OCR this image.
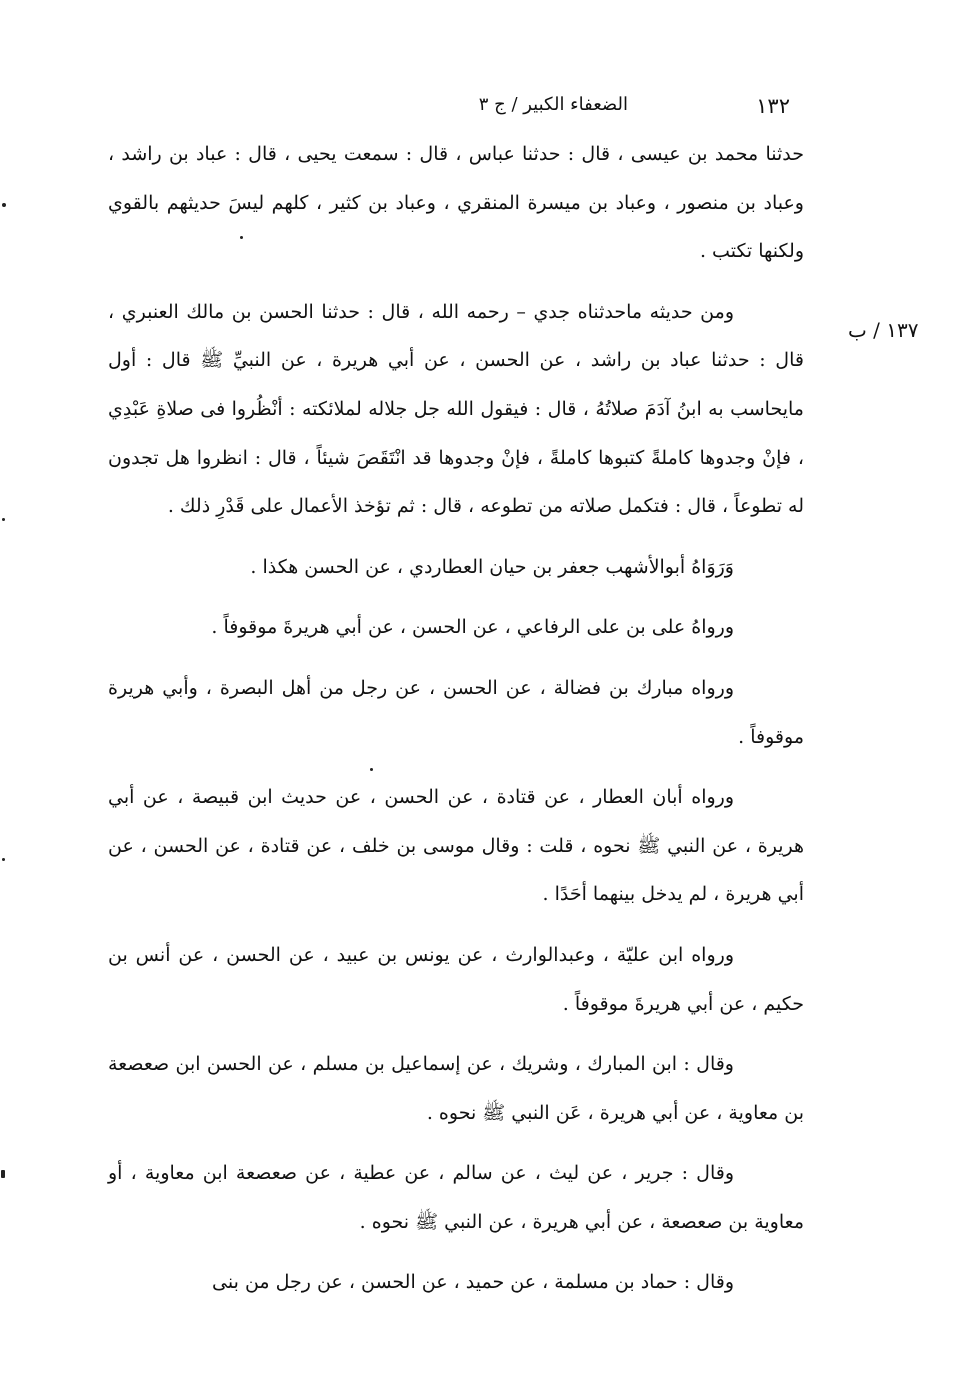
١٣٢
الضعفاء الكبير / ج ٣
١٣٧ / ب

حدثنا محمد بن عيسى ، قال : حدثنا عباس ، قال : سمعت يحيى ، قال : عباد بن راشد ، وعباد بن منصور ، وعباد بن ميسرة المنقري ، وعباد بن كثير ، كلهم ليسَ حديثهم بالقوي ولكنها تكتب .

ومن حديثه ماحدثناه جدي – رحمه الله ، قال : حدثنا الحسن بن مالك العنبري ، قال : حدثنا عباد بن راشد ، عن الحسن ، عن أبي هريرة ، عن النبيِّ ﷺ قال : أول مايحاسب به ابنُ آدَمَ صلاتُهُ ، قال : فيقول الله جل جلاله لملائكته : أنْظُروا فى صلاةِ عَبْدِي ، فإنْ وجدوها كاملةً كتبوها كاملةً ، فإنْ وجدوها قد انْتَقَصَ شيئاً ، قال : انظروا هل تجدون له تطوعاً ، قال : فتكمل صلاته من تطوعه ، قال : ثم تؤخذ الأعمال على قَدْرِ ذلك .

وَرَوَاهُ أبوالأشهب جعفر بن حيان العطاردي ، عن الحسن هكذا .

ورواهُ على بن على الرفاعي ، عن الحسن ، عن أبي هريرةَ موقوفاً .

ورواه مبارك بن فضالة ، عن الحسن ، عن رجل من أهل البصرة ، وأبي هريرة موقوفاً .

ورواه أبان العطار ، عن قتادة ، عن الحسن ، عن حديث ابن قبيصة ، عن أبي هريرة ، عن النبي ﷺ نحوه ، قلت : وقال موسى بن خلف ، عن قتادة ، عن الحسن ، عن أبي هريرة ، لم يدخل بينهما أحَدًا .

ورواه ابن عليّة ، وعبدالوارث ، عن يونس بن عبيد ، عن الحسن ، عن أنس بن حكيم ، عن أبي هريرةَ موقوفاً .

وقال : ابن المبارك ، وشريك ، عن إسماعيل بن مسلم ، عن الحسن ابن صعصعة بن معاوية ، عن أبي هريرة ، عَن النبي ﷺ نحوه .

وقال : جرير ، عن ليث ، عن سالم ، عن عطية ، عن صعصعة ابن معاوية ، أو معاوية بن صعصعة ، عن أبي هريرة ، عن النبي ﷺ نحوه .

وقال : حماد بن مسلمة ، عن حميد ، عن الحسن ، عن رجل من بنى
